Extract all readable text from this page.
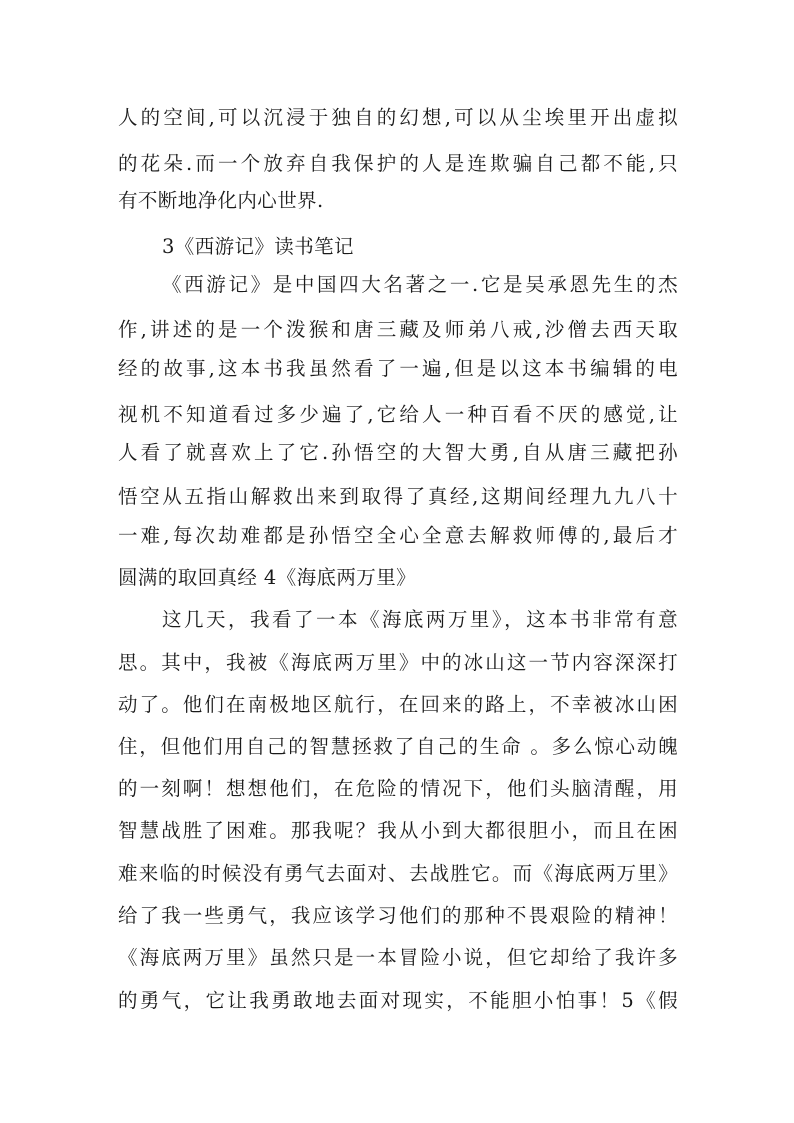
人的空间,可以沉浸于独自的幻想,可以从尘埃里开出虚拟
的花朵.而一个放弃自我保护的人是连欺骗自己都不能,只
有不断地净化内心世界.
3《西游记》读书笔记
《西游记》是中国四大名著之一.它是吴承恩先生的杰
作,讲述的是一个泼猴和唐三藏及师弟八戒,沙僧去西天取
经的故事,这本书我虽然看了一遍,但是以这本书编辑的电
视机不知道看过多少遍了,它给人一种百看不厌的感觉,让
人看了就喜欢上了它.孙悟空的大智大勇,自从唐三藏把孙
悟空从五指山解救出来到取得了真经,这期间经理九九八十
一难,每次劫难都是孙悟空全心全意去解救师傅的,最后才
圆满的取回真经 4《海底两万里》
这几天，我看了一本《海底两万里》，这本书非常有意
思。其中，我被《海底两万里》中的冰山这一节内容深深打
动了。他们在南极地区航行，在回来的路上，不幸被冰山困
住，但他们用自己的智慧拯救了自己的生命 。多么惊心动魄
的一刻啊！想想他们，在危险的情况下，他们头脑清醒，用
智慧战胜了困难。那我呢？我从小到大都很胆小，而且在困
难来临的时候没有勇气去面对、去战胜它。而《海底两万里》
给了我一些勇气，我应该学习他们的那种不畏艰险的精神！
《海底两万里》虽然只是一本冒险小说，但它却给了我许多
的勇气，它让我勇敢地去面对现实，不能胆小怕事！5《假
